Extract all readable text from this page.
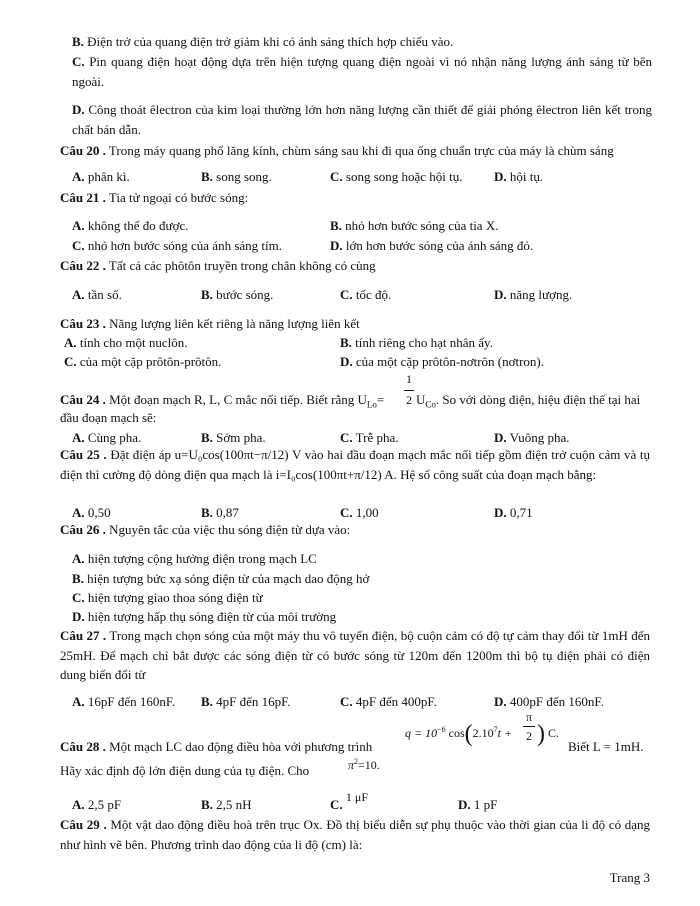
B. Điện trở của quang điện trở giảm khi có ánh sáng thích hợp chiếu vào.

C. Pin quang điện hoạt động dựa trên hiện tượng quang điện ngoài vì nó nhận năng lượng ánh sáng từ bên ngoài.

D. Công thoát êlectron của kim loại thường lớn hơn năng lượng cần thiết để giải phóng êlectron liên kết trong chất bán dẫn.

Câu 20 . Trong máy quang phổ lăng kính, chùm sáng sau khi đi qua ống chuẩn trực của máy là chùm sáng

A. phân kì.	B. song song.	C. song song hoặc hội tụ. D. hội tụ.

Câu 21 . Tia tử ngoại có bước sóng:

A. không thể đo được.	B. nhỏ hơn bước sóng của tia X.
C. nhỏ hơn bước sóng của ánh sáng tím.	D. lớn hơn bước sóng của ánh sáng đỏ.

Câu 22 . Tất cả các phôtôn truyền trong chân không có cùng

A. tần số.	B. bước sóng.	C. tốc độ.	D. năng lượng.

Câu 23 . Năng lượng liên kết riêng là năng lượng liên kết

A. tính cho một nuclôn.	B. tính riêng cho hạt nhân ấy.
C. của một cặp prôtôn-prôtôn.	D. của một cặp prôtôn-nơtrôn (nơtron).
Câu 24 . Một đoạn mạch R, L, C mắc nối tiếp. Biết rằng $U_{Lo}= \frac{1}{2} U_{Co}$. So với dòng điện, hiệu điện thế tại hai

đầu đoạn mạch sẽ:

A. Cùng pha.	B. Sớm pha.	C. Trễ pha.	D. Vuông pha.

Câu 25 . Đặt điện áp u=U₀cos(100πt−π/12) V vào hai đầu đoạn mạch mắc nối tiếp gồm điện trở cuộn cảm và tụ điện thì cường độ dòng điện qua mạch là i=I₀cos(100πt+π/12) A. Hệ số công suất của đoạn mạch bằng:

A. 0,50	B. 0,87	C. 1,00	D. 0,71

Câu 26 . Nguyên tắc của việc thu sóng điện từ dựa vào:

A. hiện tượng cộng hưởng điện trong mạch LC
B. hiện tượng bức xạ sóng điện từ của mạch dao động hở
C. hiện tượng giao thoa sóng điện từ
D. hiện tượng hấp thụ sóng điện từ của môi trường

Câu 27 . Trong mạch chọn sóng của một máy thu vô tuyến điện, bộ cuộn cảm có độ tự cảm thay đổi từ 1mH đến 25mH. Để mạch chỉ bắt được các sóng điện từ có bước sóng từ 120m đến 1200m thì bộ tụ điện phải có điện dung biến đổi từ

A. 16pF đến 160nF. B. 4pF đến 16pF.	C. 4pF đến 400pF.	D. 400pF đến 160nF.
Câu 28 . Một mạch LC dao động điều hòa với phương trình
$q = 10^{-6}$ $\cos(2.10^7t + \frac{\pi}{2}$ ) C.
Biết L = 1mH.
Hãy xác định độ lớn điện dung của tụ điện. Cho	$\pi^2=10$.
A. 2,5 pF	B. 2,5 nH	C. 1 μF	D. 1 pF

Câu 29 . Một vật dao động điều hoà trên trục Ox. Đồ thị biểu diễn sự phụ thuộc vào thời gian của li độ có dạng như hình vẽ bên. Phương trình dao động của li độ (cm) là:

Trang 3
